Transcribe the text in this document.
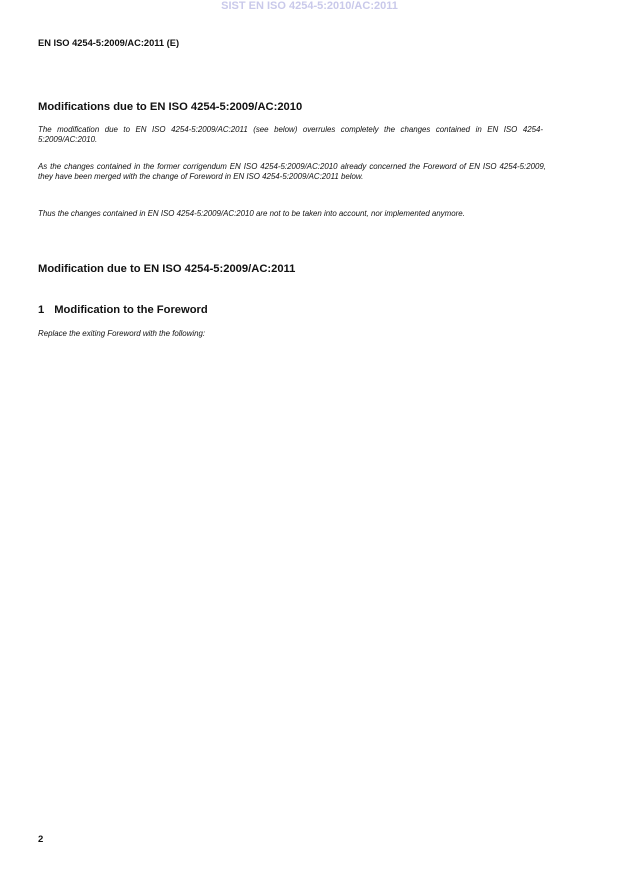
SIST EN ISO 4254-5:2010/AC:2011
EN ISO 4254-5:2009/AC:2011 (E)
Modifications due to EN ISO 4254-5:2009/AC:2010
The modification due to EN ISO 4254-5:2009/AC:2011 (see below) overrules completely the changes contained in EN ISO 4254-5:2009/AC:2010.
As the changes contained in the former corrigendum EN ISO 4254-5:2009/AC:2010 already concerned the Foreword of EN ISO 4254-5:2009, they have been merged with the change of Foreword in EN ISO 4254-5:2009/AC:2011 below.
Thus the changes contained in EN ISO 4254-5:2009/AC:2010 are not to be taken into account, nor implemented anymore.
Modification due to EN ISO 4254-5:2009/AC:2011
1 Modification to the Foreword
Replace the exiting Foreword with the following:
2
